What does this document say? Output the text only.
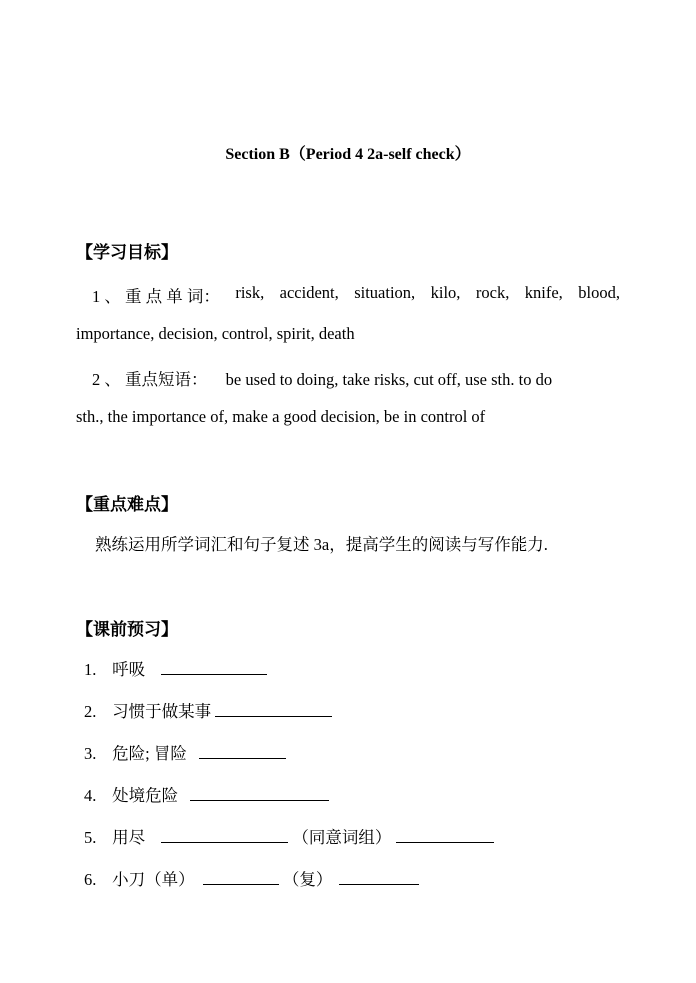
Section B（Period 4 2a-self check）
【学习目标】
1 、 重 点 单 词： risk, accident, situation, kilo, rock, knife, blood,
importance, decision, control, spirit, death
2 、 重点短语： be used to doing, take risks, cut off, use sth. to do
sth., the importance of, make a good decision, be in control of
【重点难点】
熟练运用所学词汇和句子复述 3a，提高学生的阅读与写作能力.
【课前预习】
1. 呼吸
2. 习惯于做某事
3. 危险; 冒险
4. 处境危险
5. 用尽	（同意词组）
6. 小刀（单）	（复）
